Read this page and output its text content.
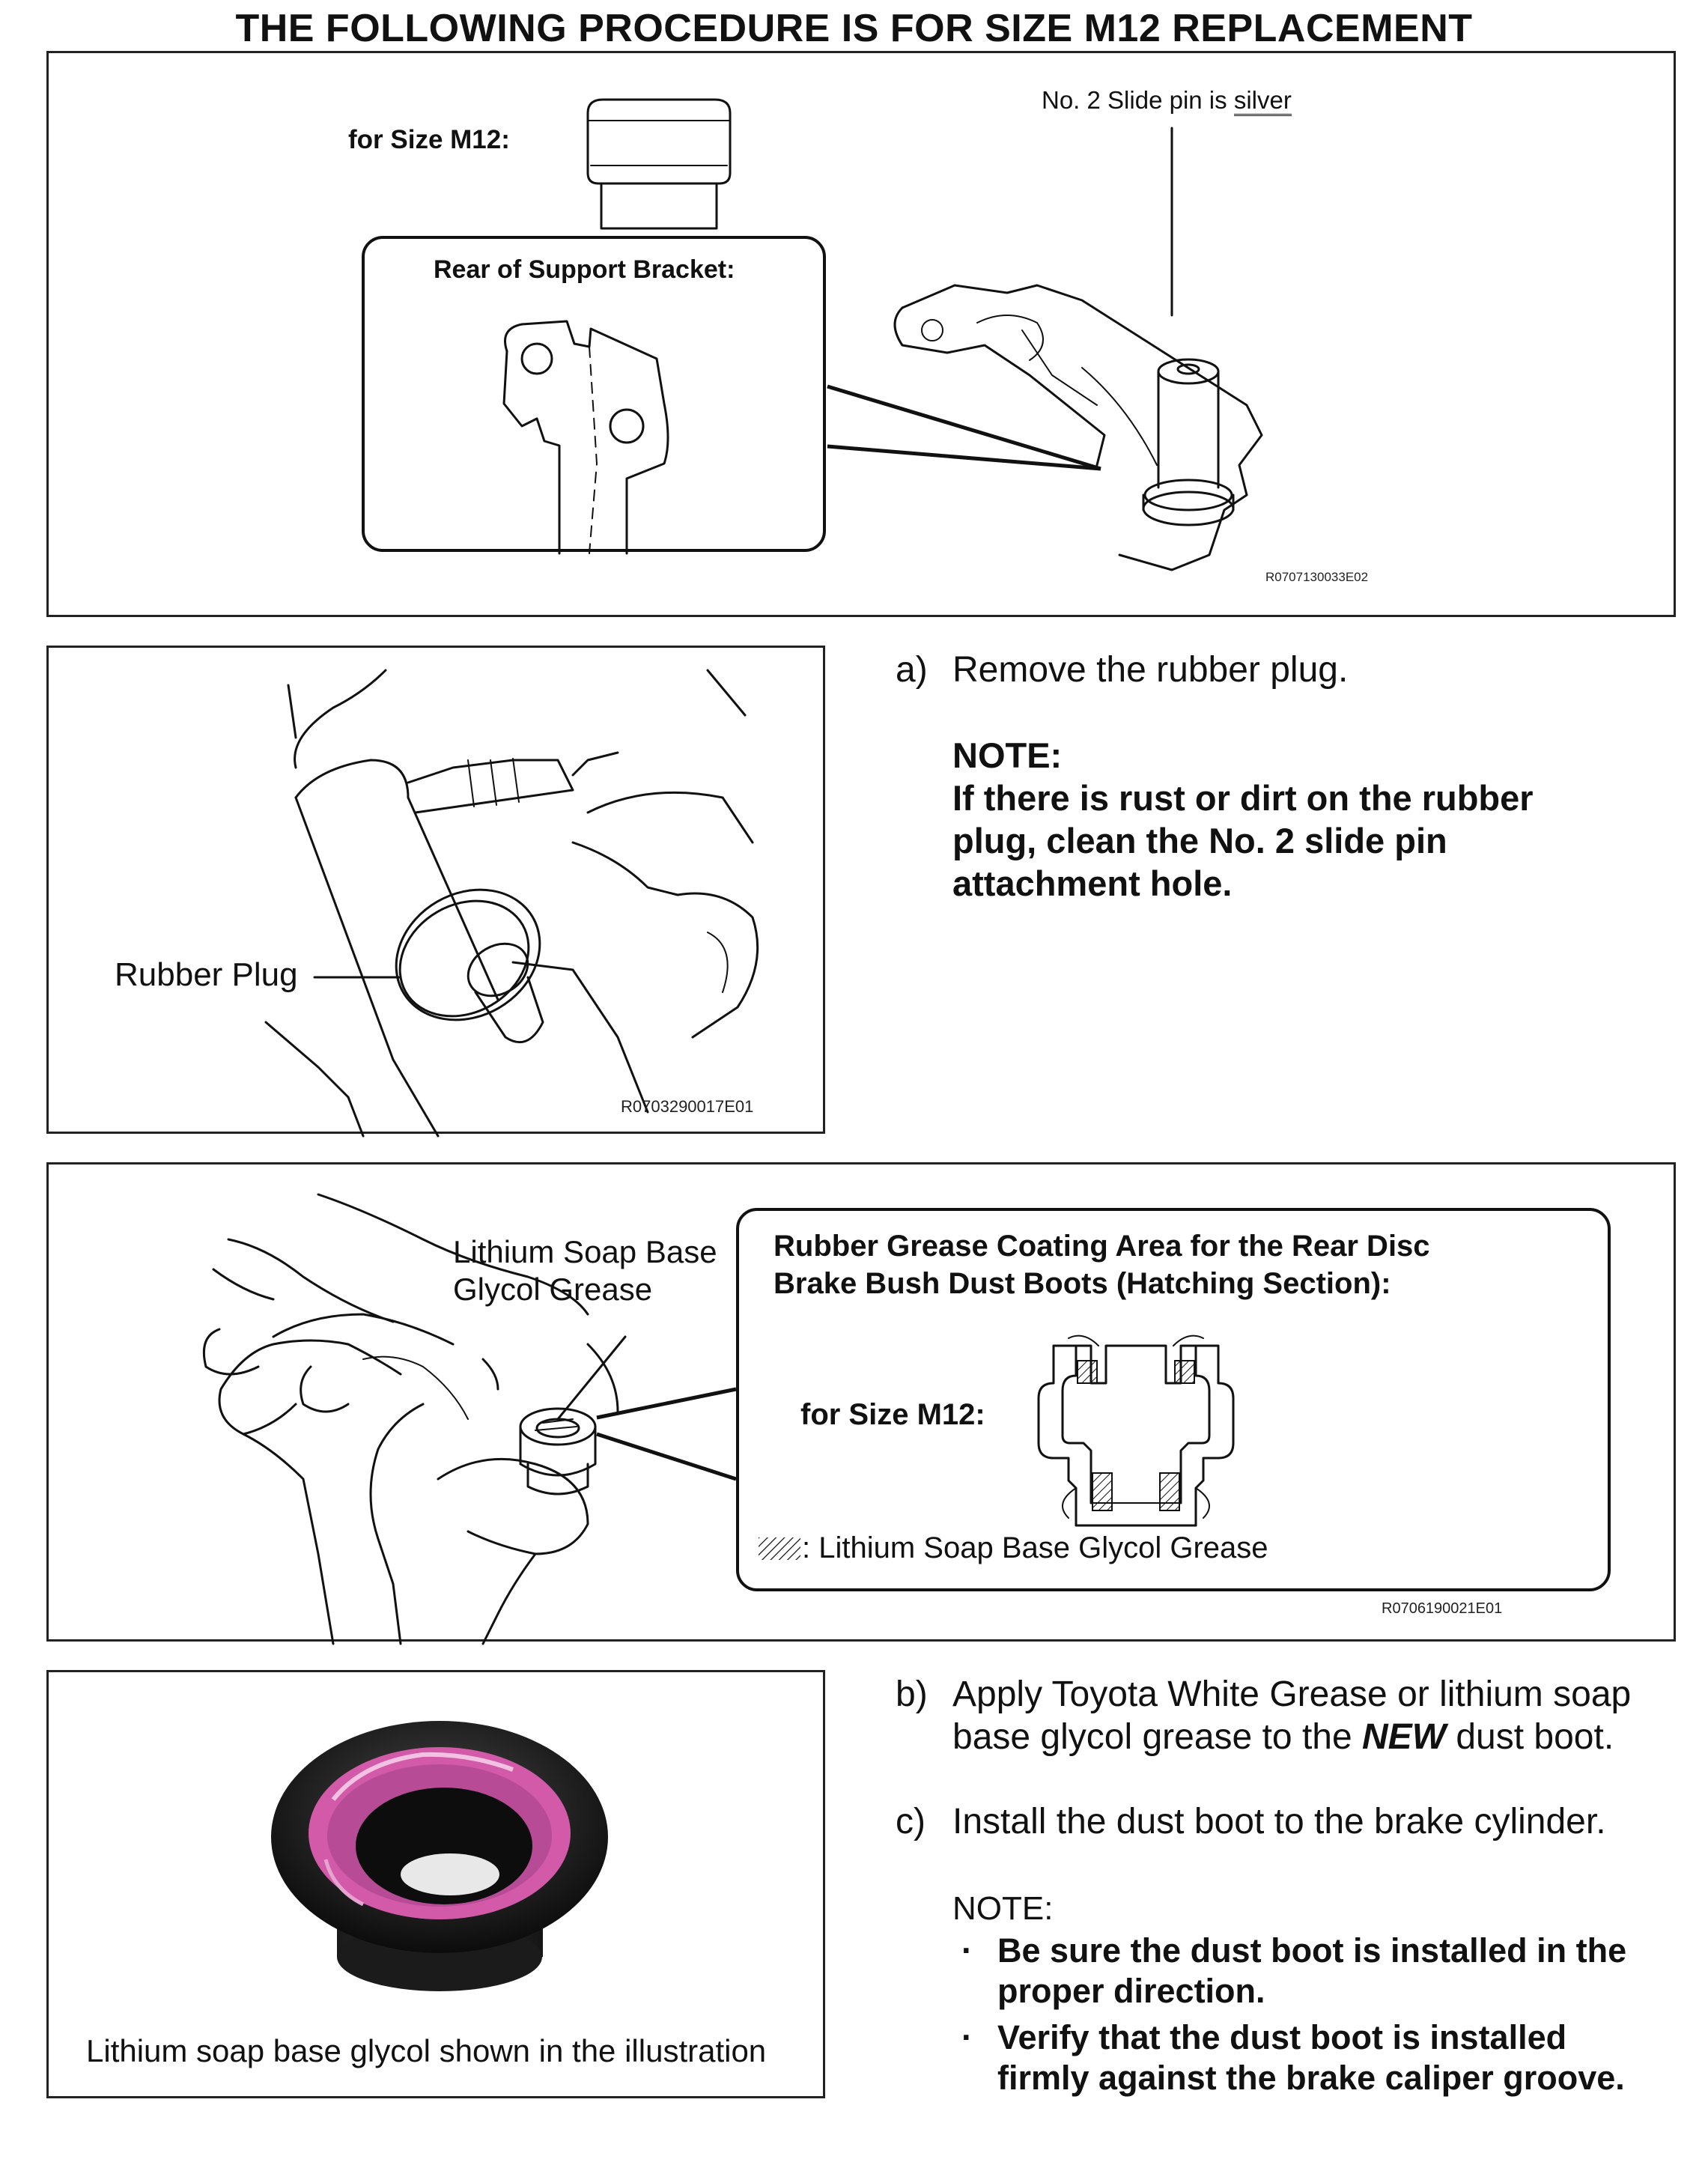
THE FOLLOWING PROCEDURE IS FOR SIZE M12 REPLACEMENT
for Size M12:
Rear of Support Bracket:
No. 2 Slide pin is silver
R0707130033E02
Rubber Plug
R0703290017E01
a) Remove the rubber plug.
NOTE:
If there is rust or dirt on the rubber
plug, clean the No. 2 slide pin
attachment hole.
Lithium Soap Base
Glycol Grease
Rubber Grease Coating Area for the Rear Disc
Brake Bush Dust Boots (Hatching Section):
for Size M12:
: Lithium Soap Base Glycol Grease
R0706190021E01
Lithium soap base glycol shown in the illustration
b) Apply Toyota White Grease or lithium soap
base glycol grease to the NEW dust boot.
c) Install the dust boot to the brake cylinder.
NOTE:
· Be sure the dust boot is installed in the
proper direction.
· Verify that the dust boot is installed
firmly against the brake caliper groove.
